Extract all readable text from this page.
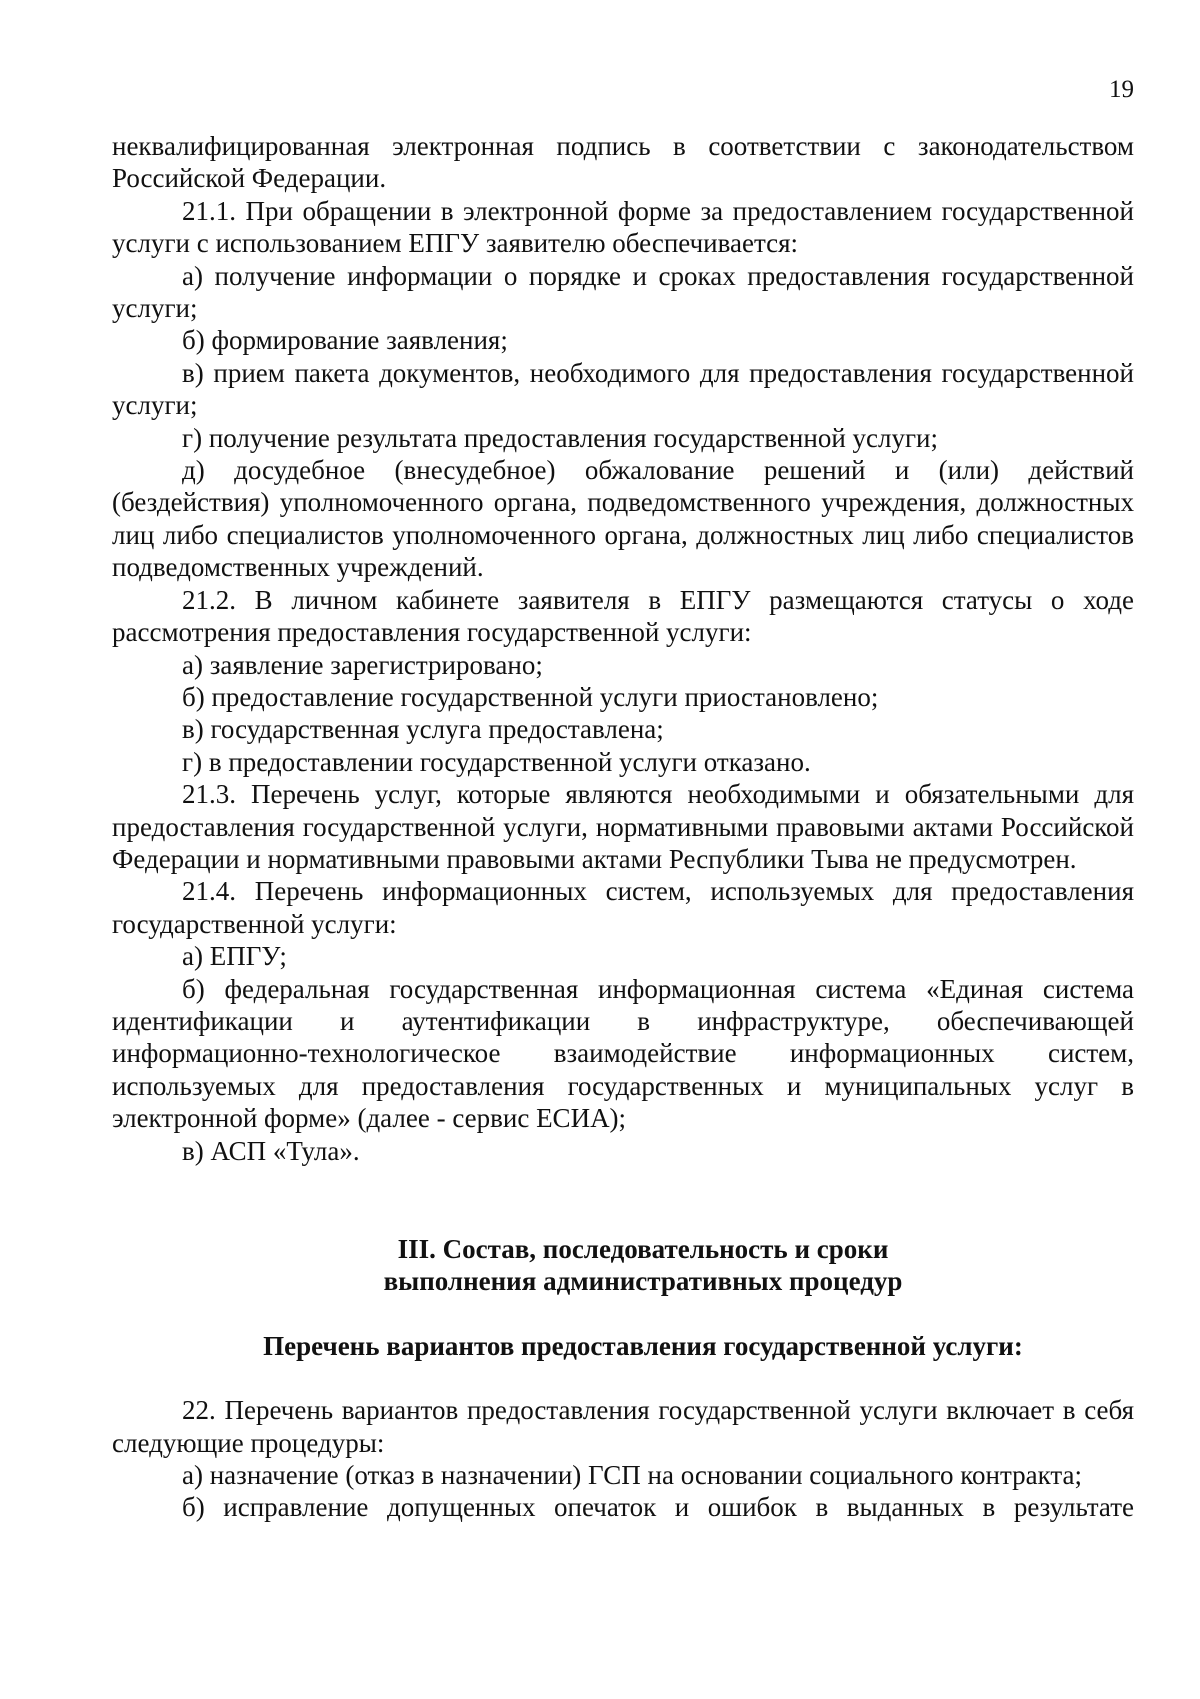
19

неквалифицированная электронная подпись в соответствии с законодательством Российской Федерации.

21.1. При обращении в электронной форме за предоставлением государственной услуги с использованием ЕПГУ заявителю обеспечивается:

а) получение информации о порядке и сроках предоставления государственной услуги;

б) формирование заявления;

в) прием пакета документов, необходимого для предоставления государственной услуги;

г) получение результата предоставления государственной услуги;

д) досудебное (внесудебное) обжалование решений и (или) действий (бездействия) уполномоченного органа, подведомственного учреждения, должностных лиц либо специалистов уполномоченного органа, должностных лиц либо специалистов подведомственных учреждений.

21.2. В личном кабинете заявителя в ЕПГУ размещаются статусы о ходе рассмотрения предоставления государственной услуги:

а) заявление зарегистрировано;

б) предоставление государственной услуги приостановлено;

в) государственная услуга предоставлена;

г) в предоставлении государственной услуги отказано.

21.3. Перечень услуг, которые являются необходимыми и обязательными для предоставления государственной услуги, нормативными правовыми актами Российской Федерации и нормативными правовыми актами Республики Тыва не предусмотрен.

21.4. Перечень информационных систем, используемых для предоставления государственной услуги:

а) ЕПГУ;

б) федеральная государственная информационная система «Единая система идентификации и аутентификации в инфраструктуре, обеспечивающей информационно-технологическое взаимодействие информационных систем, используемых для предоставления государственных и муниципальных услуг в электронной форме» (далее - сервис ЕСИА);

в) АСП «Тула».

III. Состав, последовательность и сроки

выполнения административных процедур

Перечень вариантов предоставления государственной услуги:

22. Перечень вариантов предоставления государственной услуги включает в себя следующие процедуры:

а) назначение (отказ в назначении) ГСП на основании социального контракта;

б) исправление допущенных опечаток и ошибок в выданных в результате
